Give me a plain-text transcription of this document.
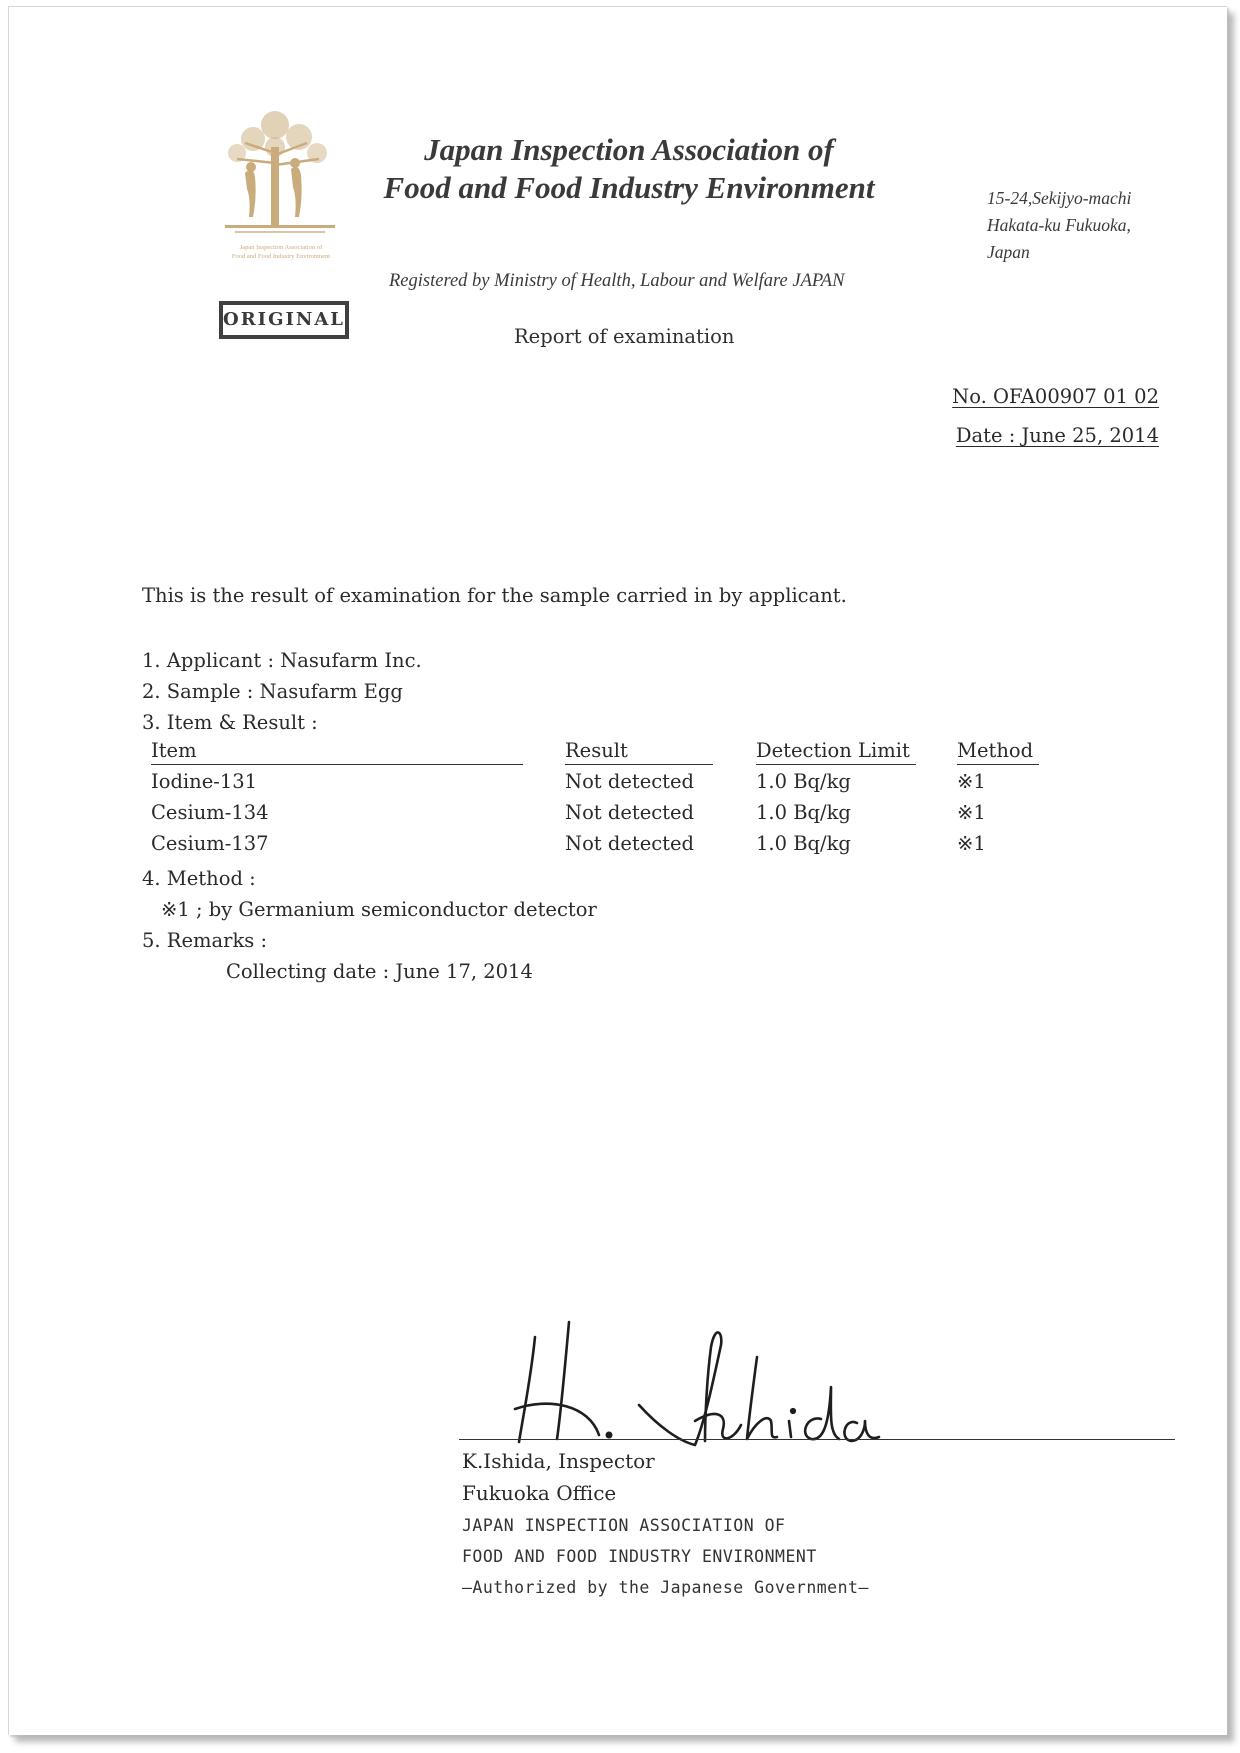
Japan Inspection Association of
Food and Food Industry Environment
Japan Inspection Association of
Food and Food Industry Environment	15-24,Sekijyo-machi
Hakata-ku Fukuoka,
Japan
Registered by Ministry of Health, Labour and Welfare JAPAN
ORIGINAL
Report of examination
No. OFA00907 01 02
Date : June 25, 2014
This is the result of examination for the sample carried in by applicant.
1. Applicant : Nasufarm Inc.
2. Sample : Nasufarm Egg
3. Item & Result :
Item	Result	Detection Limit	Method
Iodine-131	Not detected	1.0 Bq/kg	※1
Cesium-134	Not detected	1.0 Bq/kg	※1
Cesium-137	Not detected	1.0 Bq/kg	※1
4. Method :
※1 ; by Germanium semiconductor detector
5. Remarks :
Collecting date : June 17, 2014
K.Ishida, Inspector
Fukuoka Office
JAPAN INSPECTION ASSOCIATION OF
FOOD AND FOOD INDUSTRY ENVIRONMENT
—Authorized by the Japanese Government—
